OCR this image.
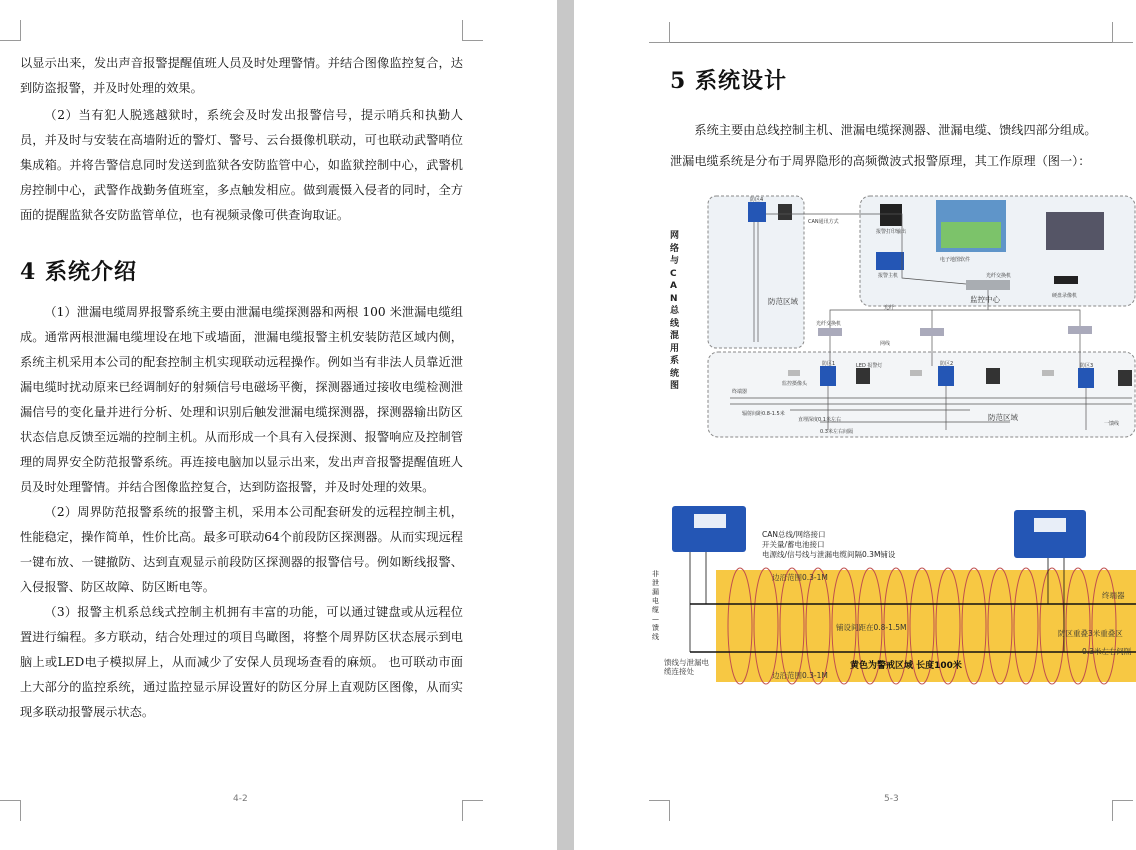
以显示出来，发出声音报警提醒值班人员及时处理警情。并结合图像监控复合，达到防盗报警，并及时处理的效果。

（2）当有犯人脱逃越狱时，系统会及时发出报警信号，提示哨兵和执勤人员，并及时与安装在高墙附近的警灯、警号、云台摄像机联动，可也联动武警哨位集成箱。并将告警信息同时发送到监狱各安防监管中心，如监狱控制中心，武警机房控制中心，武警作战勤务值班室，多点触发相应。做到震慑入侵者的同时，全方面的提醒监狱各安防监管单位，也有视频录像可供查询取证。

4 系统介绍

（1）泄漏电缆周界报警系统主要由泄漏电缆探测器和两根 100 米泄漏电缆组成。通常两根泄漏电缆埋设在地下或墙面，泄漏电缆报警主机安装防范区域内侧，系统主机采用本公司的配套控制主机实现联动远程操作。例如当有非法人员靠近泄漏电缆时扰动原来已经调制好的射频信号电磁场平衡，探测器通过接收电缆检测泄漏信号的变化量并进行分析、处理和识别后触发泄漏电缆探测器，探测器输出防区状态信息反馈至远端的控制主机。从而形成一个具有入侵探测、报警响应及控制管理的周界安全防范报警系统。再连接电脑加以显示出来，发出声音报警提醒值班人员及时处理警情。并结合图像监控复合，达到防盗报警，并及时处理的效果。

（2）周界防范报警系统的报警主机，采用本公司配套研发的远程控制主机，性能稳定，操作简单，性价比高。最多可联动64个前段防区探测器。从而实现远程一键布放、一键撤防、达到直观显示前段防区探测器的报警信号。例如断线报警、入侵报警、防区故障、防区断电等。

（3）报警主机系总线式控制主机拥有丰富的功能，可以通过键盘或从远程位置进行编程。多方联动，结合处理过的项目鸟瞰图，将整个周界防区状态展示到电脑上或LED电子模拟屏上，从而减少了安保人员现场查看的麻烦。 也可联动市面上大部分的监控系统，通过监控显示屏设置好的防区分屏上直观防区图像，从而实现多联动报警展示状态。

4-2
5 系统设计

系统主要由总线控制主机、泄漏电缆探测器、泄漏电缆、馈线四部分组成。

泄漏电缆系统是分布于周界隐形的高频微波式报警原理，其工作原理（图一）：

网络与CAN总线混用系统图
防区4
CAN通讯方式
报警打印输出
报警主机
电子地图软件
光纤交换机
硬盘录像机
监控中心
防范区域
光纤交换机
网线
光纤
防区1	防区2	防区3
监控摄像头
LED 报警灯
终端器
防范区域
辐射间距0.8-1.5米
直埋深度0.1米左右
0.3米左右间隔
一馈线
CAN总线/网络接口
开关量/蓄电池接口
电源线/信号线与泄漏电缆间隔0.3M铺设
非泄漏电缆—馈线
边沿范围0.3-1M
铺设间距在0.8-1.5M
边沿范围0.3-1M
终端器
防区重叠3米重叠区
0.3米左右间隔
馈线与泄漏电缆连接处
黄色为警戒区域 长度100米
5-3
